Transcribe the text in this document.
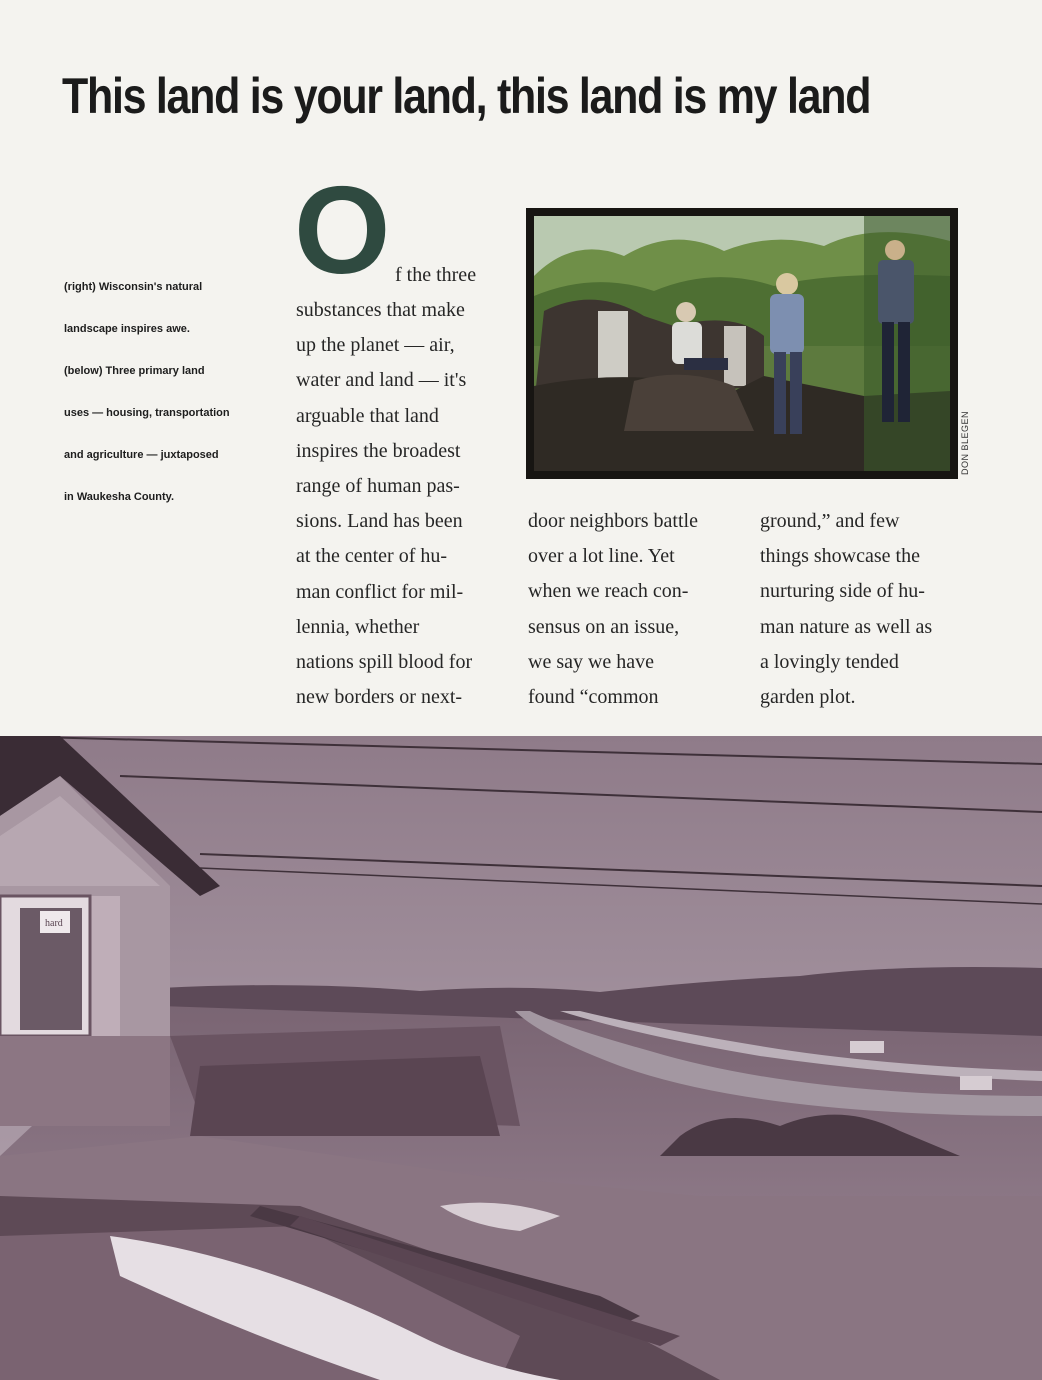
This land is your land, this land is my land
(right) Wisconsin's natural
landscape inspires awe.
(below) Three primary land
uses — housing, transportation
and agriculture — juxtaposed
in Waukesha County.
O f the three
substances that make
up the planet — air,
water and land — it's
arguable that land
inspires the broadest
range of human pas-
sions. Land has been
at the center of hu-
man conflict for mil-
lennia, whether
nations spill blood for
new borders or next-
door neighbors battle
over a lot line. Yet
when we reach con-
sensus on an issue,
we say we have
found “common
ground,” and few
things showcase the
nurturing side of hu-
man nature as well as
a lovingly tended
garden plot.
DON BLEGEN
hard
